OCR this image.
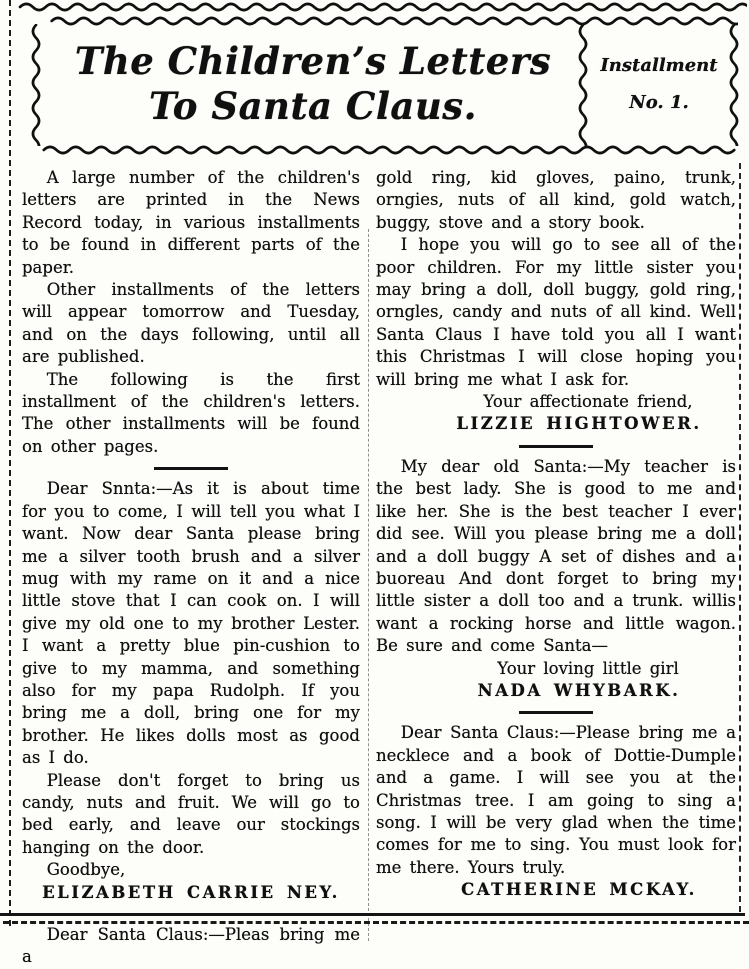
The Children’s Letters
To Santa Claus.
Installment
No. 1.

A large number of the children's letters are printed in the News Record today, in various installments to be found in different parts of the paper.

Other installments of the letters will appear tomorrow and Tuesday, and on the days following, until all are published.

The following is the first installment of the children's letters. The other installments will be found on other pages.

Dear Snnta:—As it is about time for you to come, I will tell you what I want. Now dear Santa please bring me a silver tooth brush and a silver mug with my rame on it and a nice little stove that I can cook on. I will give my old one to my brother Lester. I want a pretty blue pin-cushion to give to my mamma, and something also for my papa Rudolph. If you bring me a doll, bring one for my brother. He likes dolls most as good as I do.

Please don't forget to bring us candy, nuts and fruit. We will go to bed early, and leave our stockings hanging on the door.

Goodbye,

ELIZABETH CARRIE NEY.

Dear Santa Claus:—Pleas bring me a

gold ring, kid gloves, paino, trunk, orngies, nuts of all kind, gold watch, buggy, stove and a story book.

I hope you will go to see all of the poor children. For my little sister you may bring a doll, doll buggy, gold ring, orngles, candy and nuts of all kind. Well Santa Claus I have told you all I want this Christmas I will close hoping you will bring me what I ask for.

Your affectionate friend,

LIZZIE HIGHTOWER.

My dear old Santa:—My teacher is the best lady. She is good to me and like her. She is the best teacher I ever did see. Will you please bring me a doll and a doll buggy A set of dishes and a buoreau And dont forget to bring my little sister a doll too and a trunk. willis want a rocking horse and little wagon. Be sure and come Santa—

Your loving little girl

NADA WHYBARK.

Dear Santa Claus:—Please bring me a necklece and a book of Dottie-Dumple and a game. I will see you at the Christmas tree. I am going to sing a song. I will be very glad when the time comes for me to sing. You must look for me there. Yours truly.

CATHERINE MCKAY.
